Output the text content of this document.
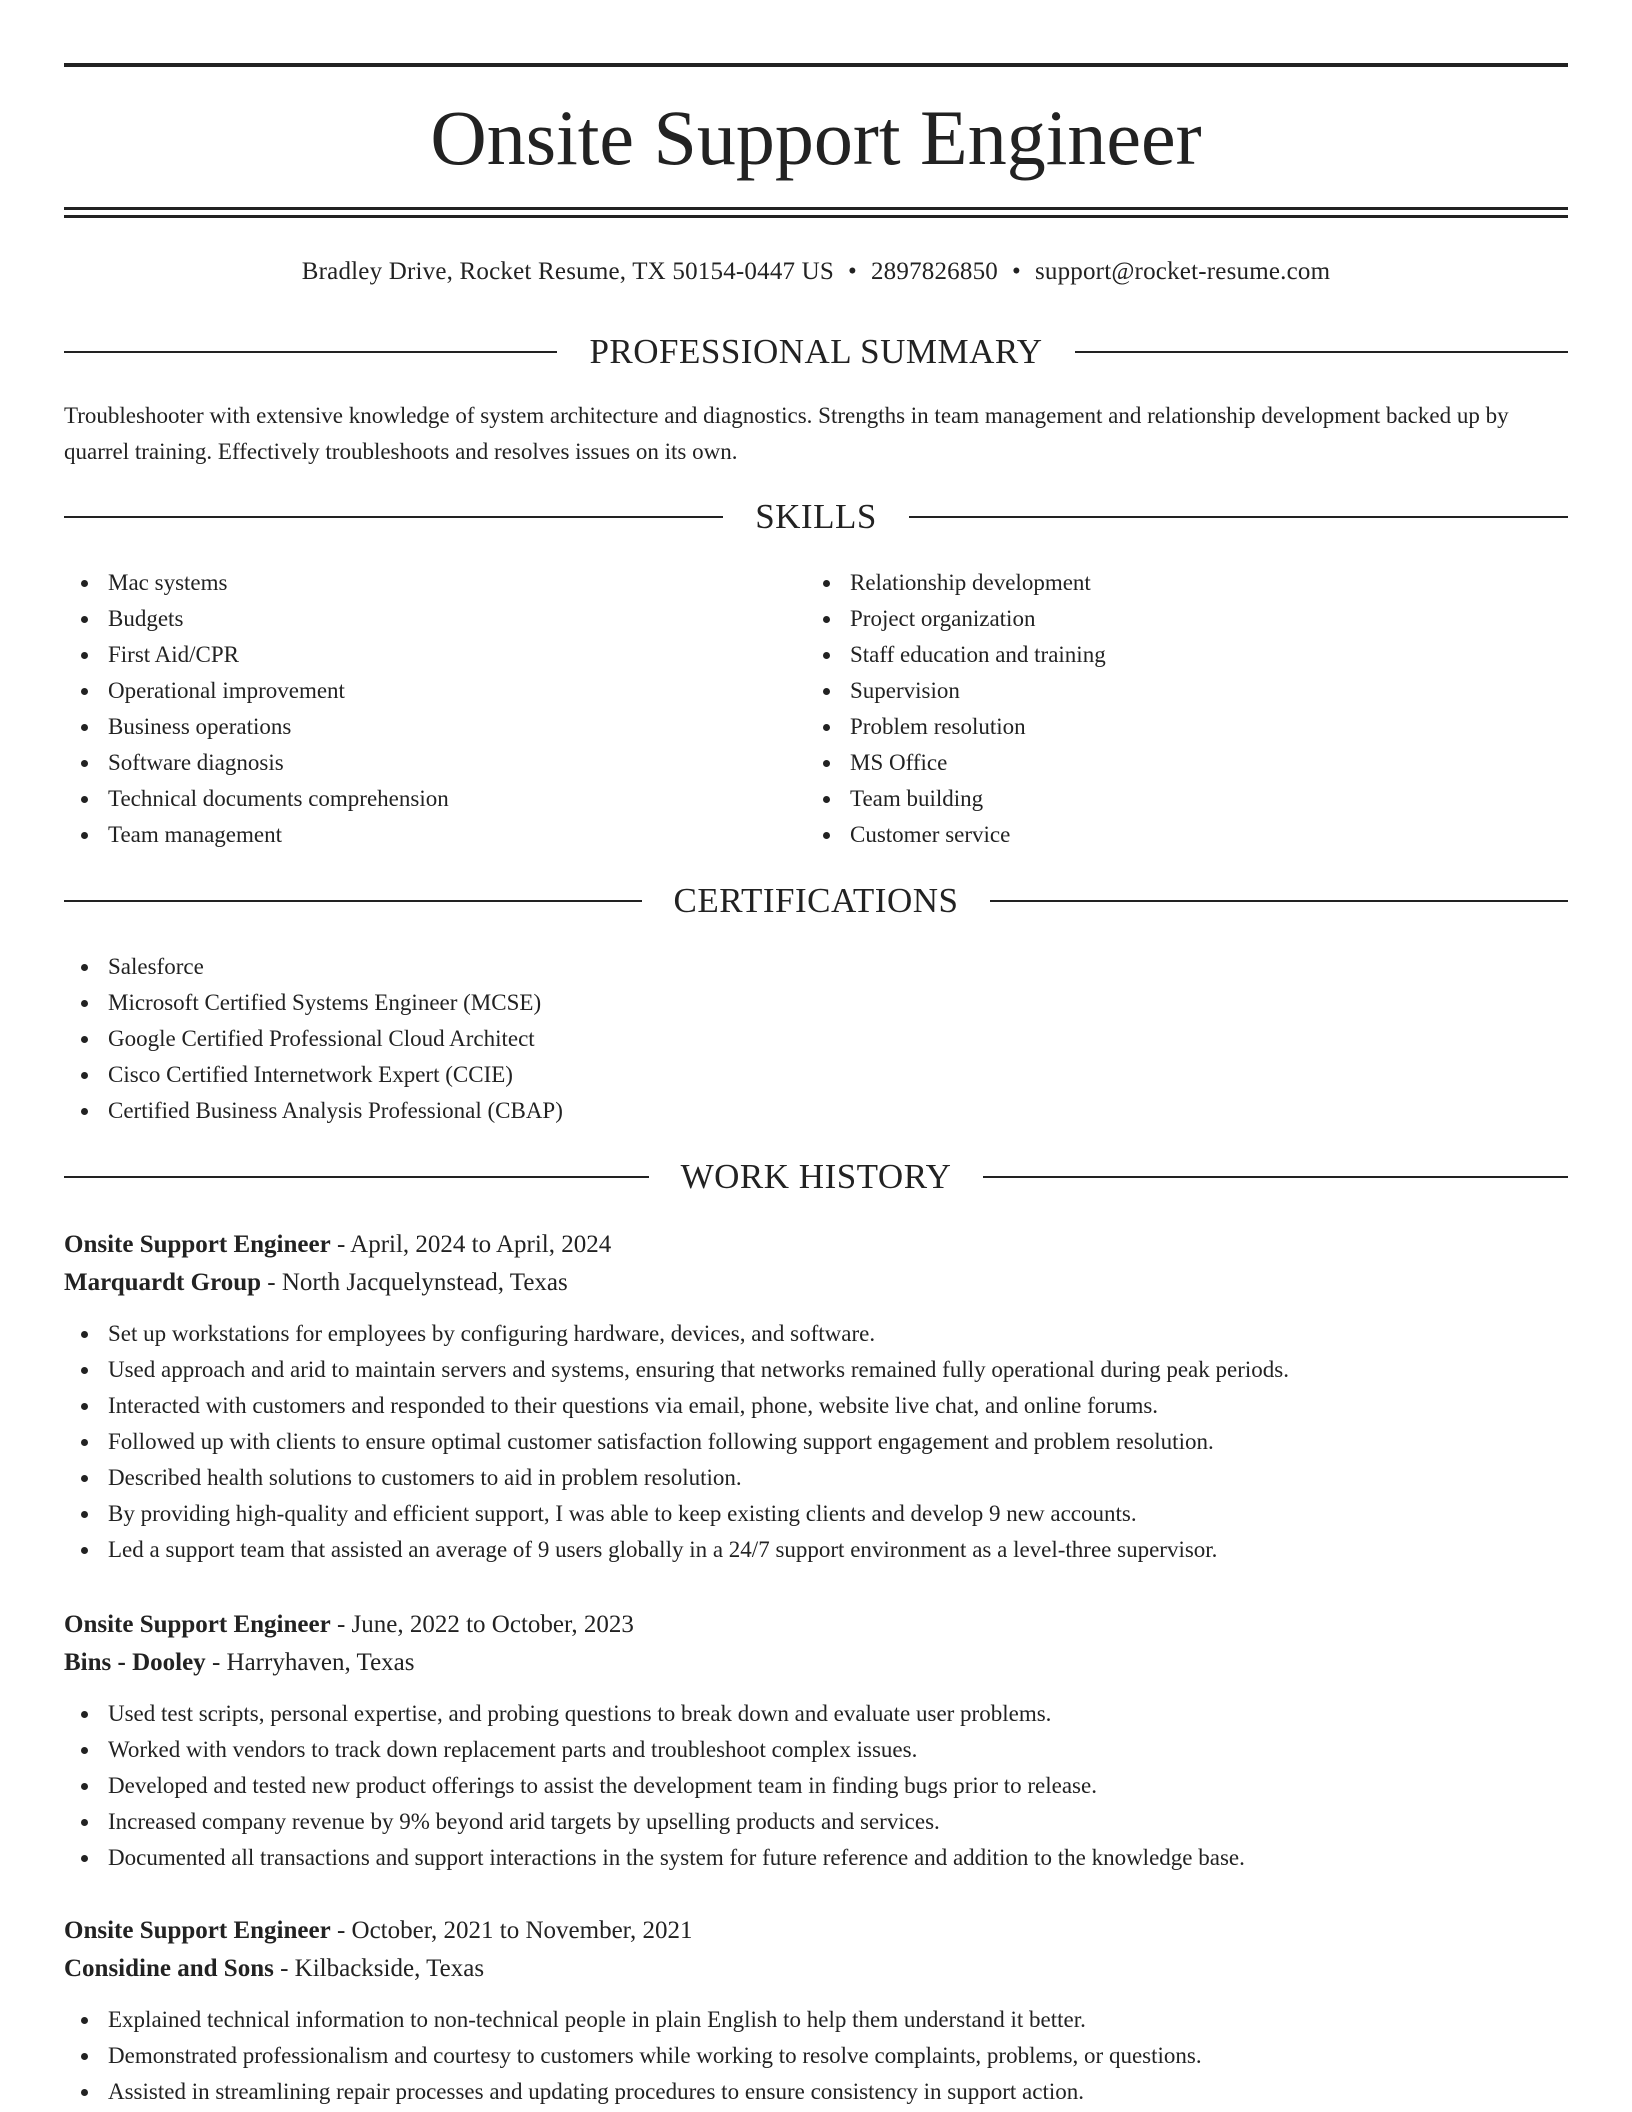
Onsite Support Engineer
Bradley Drive, Rocket Resume, TX 50154-0447 US • 2897826850 • support@rocket-resume.com
PROFESSIONAL SUMMARY
Troubleshooter with extensive knowledge of system architecture and diagnostics. Strengths in team management and relationship development backed up by quarrel training. Effectively troubleshoots and resolves issues on its own.
SKILLS
Mac systems
Budgets
First Aid/CPR
Operational improvement
Business operations
Software diagnosis
Technical documents comprehension
Team management
Relationship development
Project organization
Staff education and training
Supervision
Problem resolution
MS Office
Team building
Customer service
CERTIFICATIONS
Salesforce
Microsoft Certified Systems Engineer (MCSE)
Google Certified Professional Cloud Architect
Cisco Certified Internetwork Expert (CCIE)
Certified Business Analysis Professional (CBAP)
WORK HISTORY
Onsite Support Engineer - April, 2024 to April, 2024
Marquardt Group - North Jacquelynstead, Texas
Set up workstations for employees by configuring hardware, devices, and software.
Used approach and arid to maintain servers and systems, ensuring that networks remained fully operational during peak periods.
Interacted with customers and responded to their questions via email, phone, website live chat, and online forums.
Followed up with clients to ensure optimal customer satisfaction following support engagement and problem resolution.
Described health solutions to customers to aid in problem resolution.
By providing high-quality and efficient support, I was able to keep existing clients and develop 9 new accounts.
Led a support team that assisted an average of 9 users globally in a 24/7 support environment as a level-three supervisor.
Onsite Support Engineer - June, 2022 to October, 2023
Bins - Dooley - Harryhaven, Texas
Used test scripts, personal expertise, and probing questions to break down and evaluate user problems.
Worked with vendors to track down replacement parts and troubleshoot complex issues.
Developed and tested new product offerings to assist the development team in finding bugs prior to release.
Increased company revenue by 9% beyond arid targets by upselling products and services.
Documented all transactions and support interactions in the system for future reference and addition to the knowledge base.
Onsite Support Engineer - October, 2021 to November, 2021
Considine and Sons - Kilbackside, Texas
Explained technical information to non-technical people in plain English to help them understand it better.
Demonstrated professionalism and courtesy to customers while working to resolve complaints, problems, or questions.
Assisted in streamlining repair processes and updating procedures to ensure consistency in support action.
